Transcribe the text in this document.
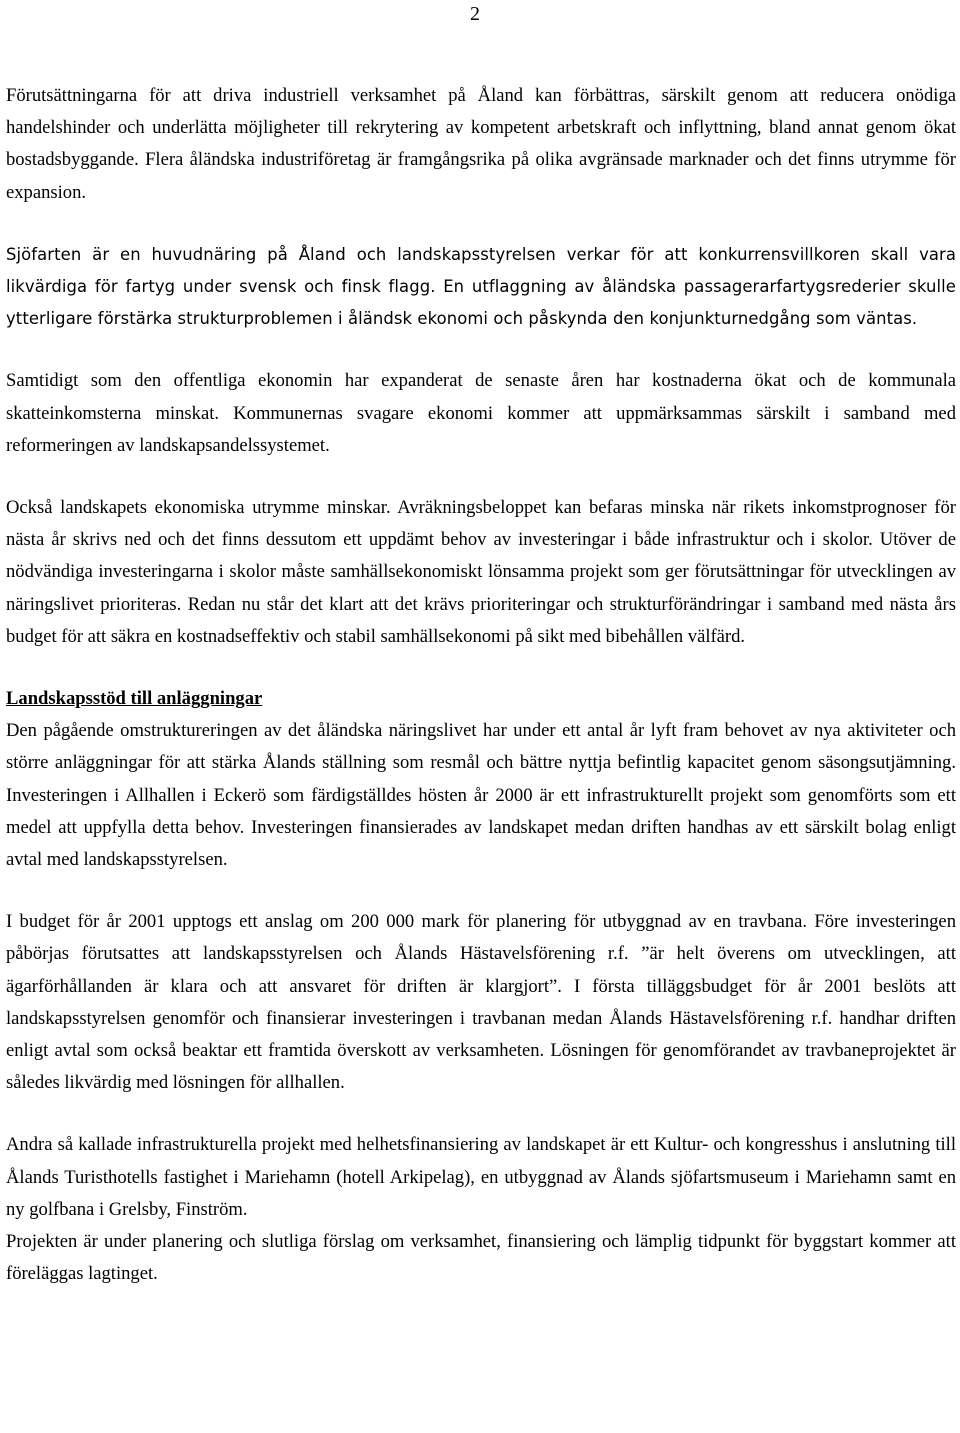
2

Förutsättningarna för att driva industriell verksamhet på Åland kan förbättras, särskilt genom att reducera onödiga handelshinder och underlätta möjligheter till rekrytering av kompetent arbetskraft och inflyttning, bland annat genom ökat bostadsbyggande. Flera åländska industriföretag är framgångsrika på olika avgränsade marknader och det finns utrymme för expansion.

Sjöfarten är en huvudnäring på Åland och landskapsstyrelsen verkar för att konkurrensvillkoren skall vara likvärdiga för fartyg under svensk och finsk flagg. En utflaggning av åländska passagerarfartygsrederier skulle ytterligare förstärka strukturproblemen i åländsk ekonomi och påskynda den konjunkturnedgång som väntas.

Samtidigt som den offentliga ekonomin har expanderat de senaste åren har kostnaderna ökat och de kommunala skatteinkomsterna minskat. Kommunernas svagare ekonomi kommer att uppmärksammas särskilt i samband med reformeringen av landskapsandelssystemet.

Också landskapets ekonomiska utrymme minskar. Avräkningsbeloppet kan befaras minska när rikets inkomstprognoser för nästa år skrivs ned och det finns dessutom ett uppdämt behov av investeringar i både infrastruktur och i skolor. Utöver de nödvändiga investeringarna i skolor måste samhällsekonomiskt lönsamma projekt som ger förutsättningar för utvecklingen av näringslivet prioriteras. Redan nu står det klart att det krävs prioriteringar och strukturförändringar i samband med nästa års budget för att säkra en kostnadseffektiv och stabil samhällsekonomi på sikt med bibehållen välfärd.

Landskapsstöd till anläggningar

Den pågående omstruktureringen av det åländska näringslivet har under ett antal år lyft fram behovet av nya aktiviteter och större anläggningar för att stärka Ålands ställning som resmål och bättre nyttja befintlig kapacitet genom säsongsutjämning. Investeringen i Allhallen i Eckerö som färdigställdes hösten år 2000 är ett infrastrukturellt projekt som genomförts som ett medel att uppfylla detta behov. Investeringen finansierades av landskapet medan driften handhas av ett särskilt bolag enligt avtal med landskapsstyrelsen.

I budget för år 2001 upptogs ett anslag om 200 000 mark för planering för utbyggnad av en travbana. Före investeringen påbörjas förutsattes att landskapsstyrelsen och Ålands Hästavelsförening r.f. ”är helt överens om utvecklingen, att ägarförhållanden är klara och att ansvaret för driften är klargjort”. I första tilläggsbudget för år 2001 beslöts att landskapsstyrelsen genomför och finansierar investeringen i travbanan medan Ålands Hästavelsförening r.f. handhar driften enligt avtal som också beaktar ett framtida överskott av verksamheten. Lösningen för genomförandet av travbaneprojektet är således likvärdig med lösningen för allhallen.

Andra så kallade infrastrukturella projekt med helhetsfinansiering av landskapet är ett Kultur- och kongresshus i anslutning till Ålands Turisthotells fastighet i Mariehamn (hotell Arkipelag), en utbyggnad av Ålands sjöfartsmuseum i Mariehamn samt en ny golfbana i Grelsby, Finström.

Projekten är under planering och slutliga förslag om verksamhet, finansiering och lämplig tidpunkt för byggstart kommer att föreläggas lagtinget.
